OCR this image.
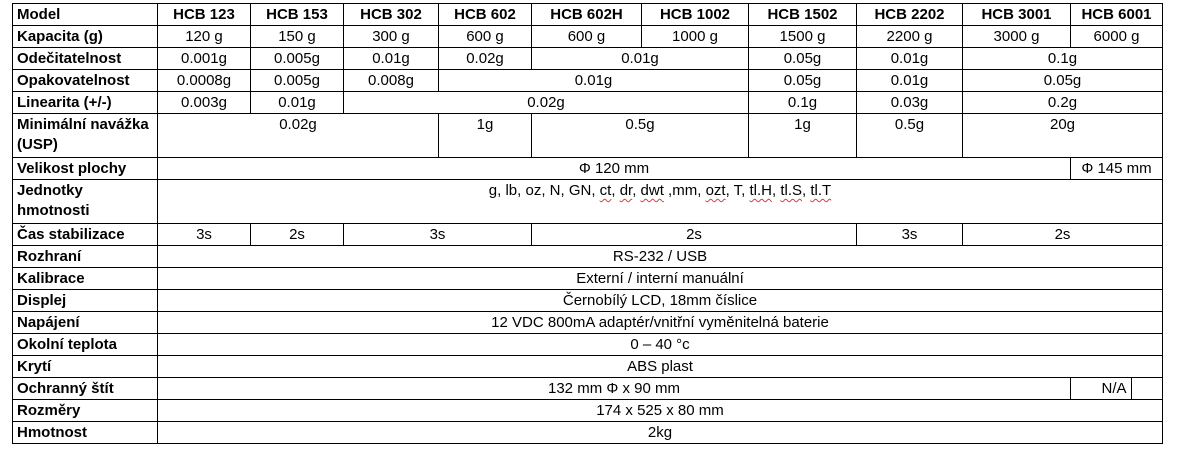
Model	HCB 123	HCB 153	HCB 302	HCB 602	HCB 602H	HCB 1002	HCB 1502	HCB 2202	HCB 3001	HCB 6001
Kapacita (g)	120 g	150 g	300 g	600 g	600 g	1000 g	1500 g	2200 g	3000 g	6000 g
Odečitatelnost	0.001g	0.005g	0.01g	0.02g	0.01g		0.05g	0.01g	0.1g	
Opakovatelnost	0.0008g	0.005g	0.008g	0.01g			0.05g	0.01g	0.05g	
Linearita (+/-)	0.003g	0.01g	0.02g				0.1g	0.03g	0.2g	
Minimální navážka (USP)	0.02g			1g	0.5g		1g	0.5g	20g	
Velikost plochy	Φ 120 mm									Φ 145 mm
Jednotky hmotnosti	g, lb, oz, N, GN, ct, dr, dwt ,mm, ozt, T, tl.H, tl.S, tl.T									
Čas stabilizace	3s	2s	3s		2s			3s	2s	
Rozhraní	RS-232 / USB									
Kalibrace	Externí / interní manuální									
Displej	Černobílý LCD, 18mm číslice									
Napájení	12 VDC 800mA adaptér/vnitřní vyměnitelná baterie									
Okolní teplota	0 – 40 °c									
Krytí	ABS plast									
Ochranný štít	132 mm Φ x 90 mm									N/A
Rozměry	174 x 525 x 80 mm									
Hmotnost	2kg									
